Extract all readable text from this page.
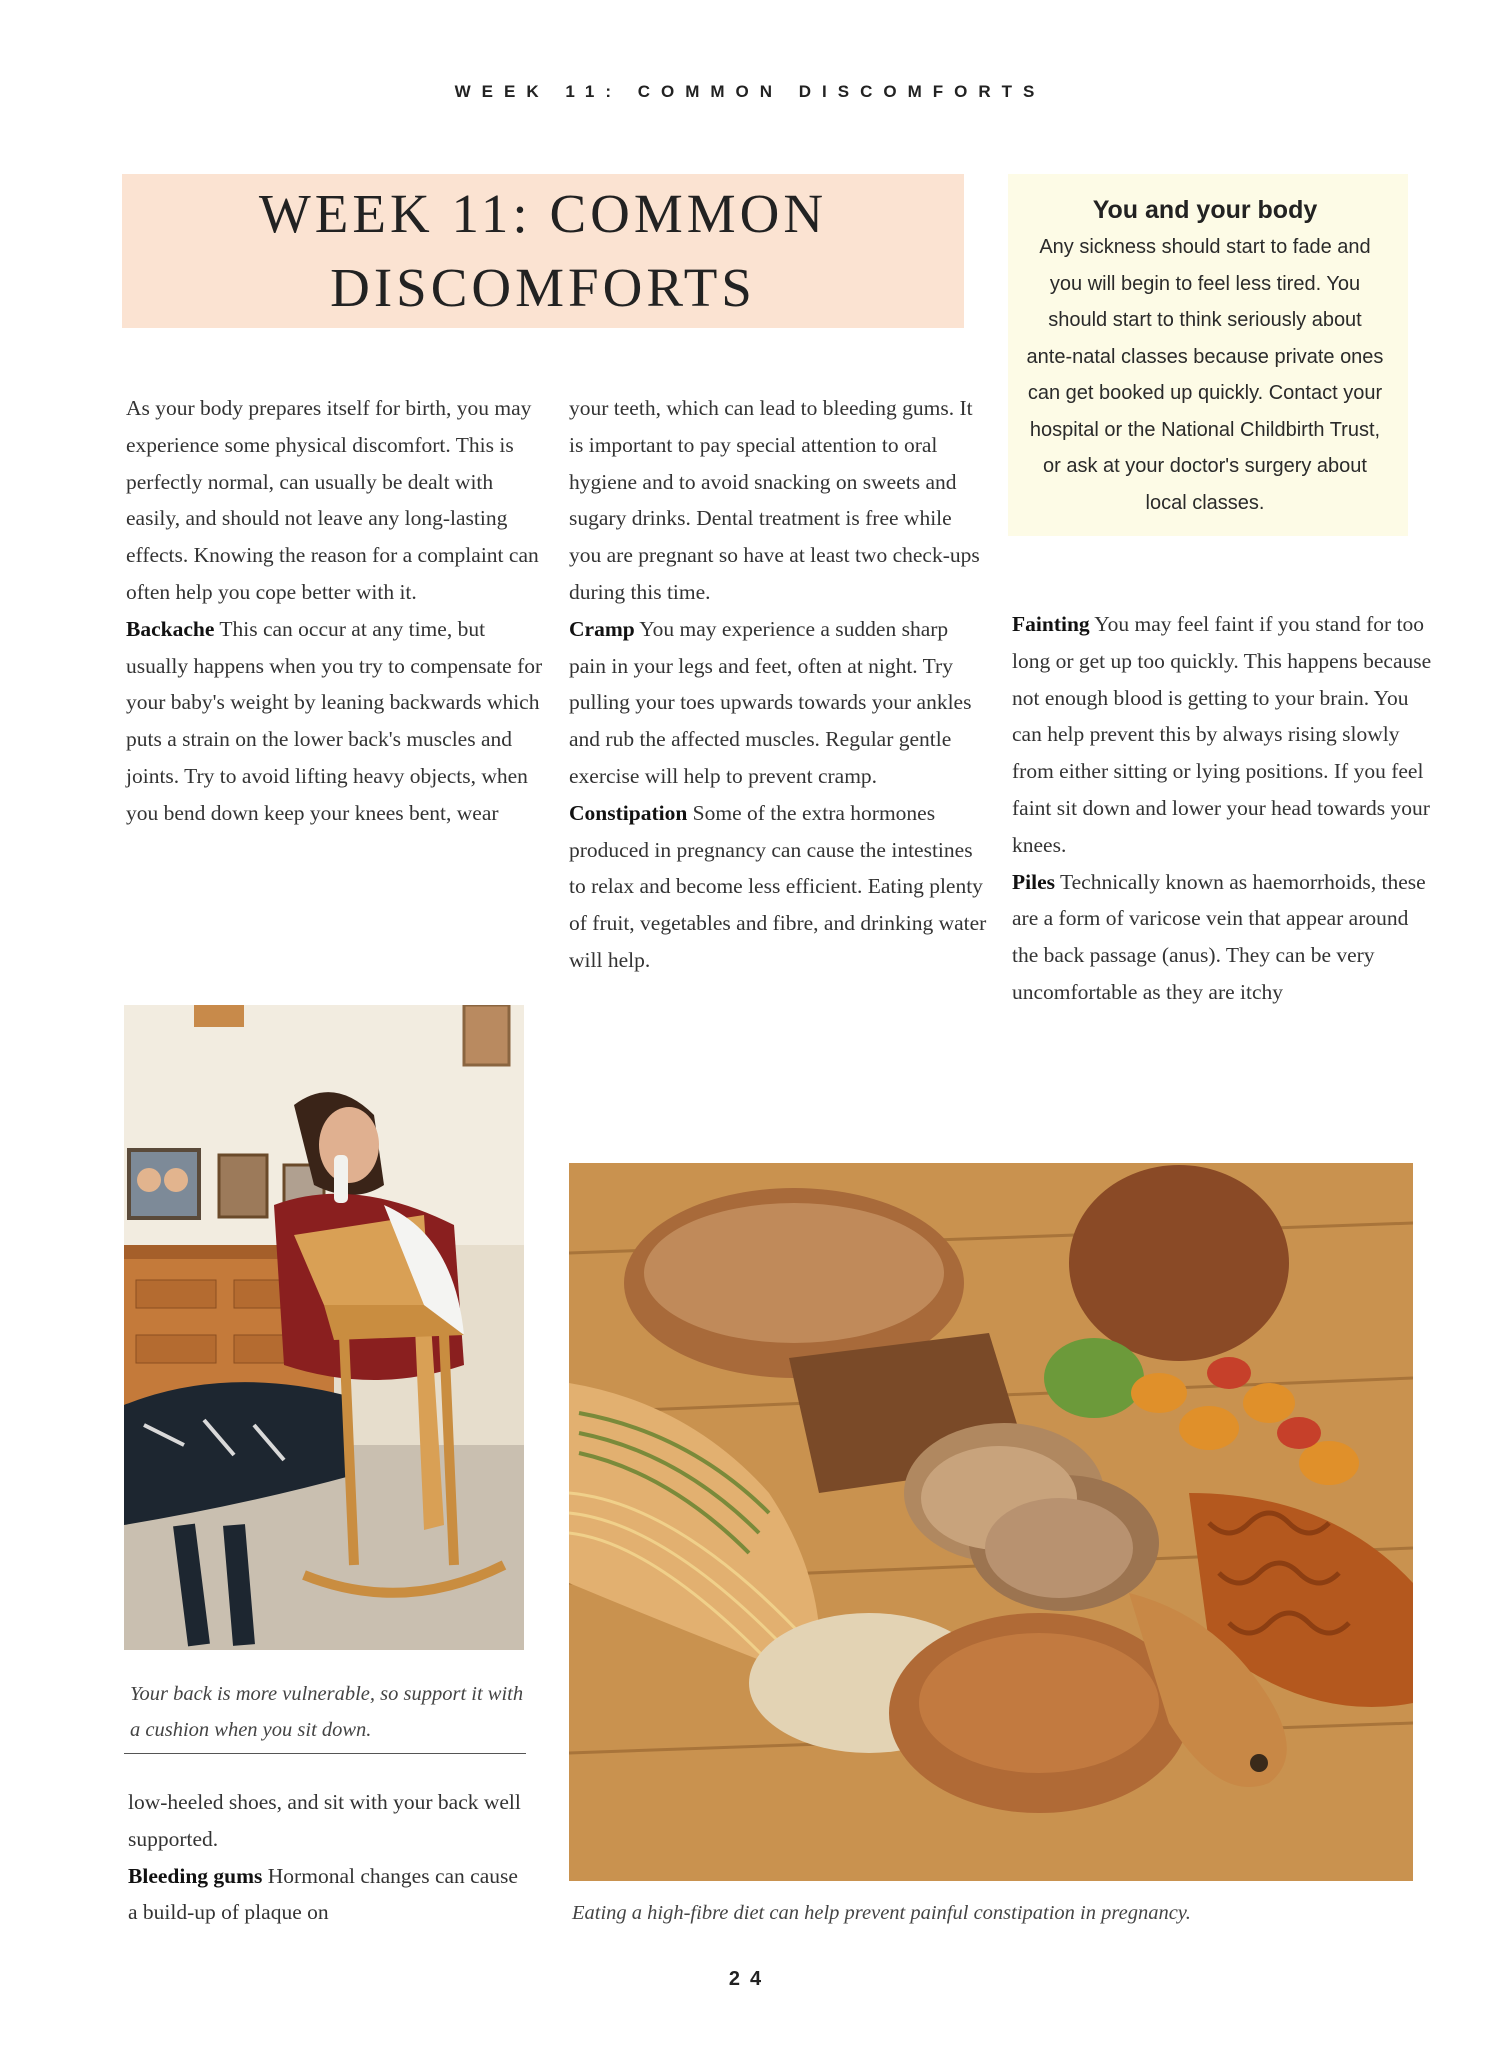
WEEK 11: COMMON DISCOMFORTS
WEEK 11: COMMON
DISCOMFORTS
You and your body

Any sickness should start to fade and you will begin to feel less tired. You should start to think seriously about ante-natal classes because private ones can get booked up quickly. Contact your hospital or the National Childbirth Trust, or ask at your doctor's surgery about local classes.

As your body prepares itself for birth, you may experience some physical discomfort. This is perfectly normal, can usually be dealt with easily, and should not leave any long-lasting effects. Knowing the reason for a complaint can often help you cope better with it.

Backache This can occur at any time, but usually happens when you try to compensate for your baby's weight by leaning backwards which puts a strain on the lower back's muscles and joints. Try to avoid lifting heavy objects, when you bend down keep your knees bent, wear

Your back is more vulnerable, so support it with a cushion when you sit down.

low-heeled shoes, and sit with your back well supported.

Bleeding gums Hormonal changes can cause a build-up of plaque on

your teeth, which can lead to bleeding gums. It is important to pay special attention to oral hygiene and to avoid snacking on sweets and sugary drinks. Dental treatment is free while you are pregnant so have at least two check-ups during this time.

Cramp You may experience a sudden sharp pain in your legs and feet, often at night. Try pulling your toes upwards towards your ankles and rub the affected muscles. Regular gentle exercise will help to prevent cramp.

Constipation Some of the extra hormones produced in pregnancy can cause the intestines to relax and become less efficient. Eating plenty of fruit, vegetables and fibre, and drinking water will help.

Fainting You may feel faint if you stand for too long or get up too quickly. This happens because not enough blood is getting to your brain. You can help prevent this by always rising slowly from either sitting or lying positions. If you feel faint sit down and lower your head towards your knees.

Piles Technically known as haemorrhoids, these are a form of varicose vein that appear around the back passage (anus). They can be very uncomfortable as they are itchy

Eating a high-fibre diet can help prevent painful constipation in pregnancy.
24
